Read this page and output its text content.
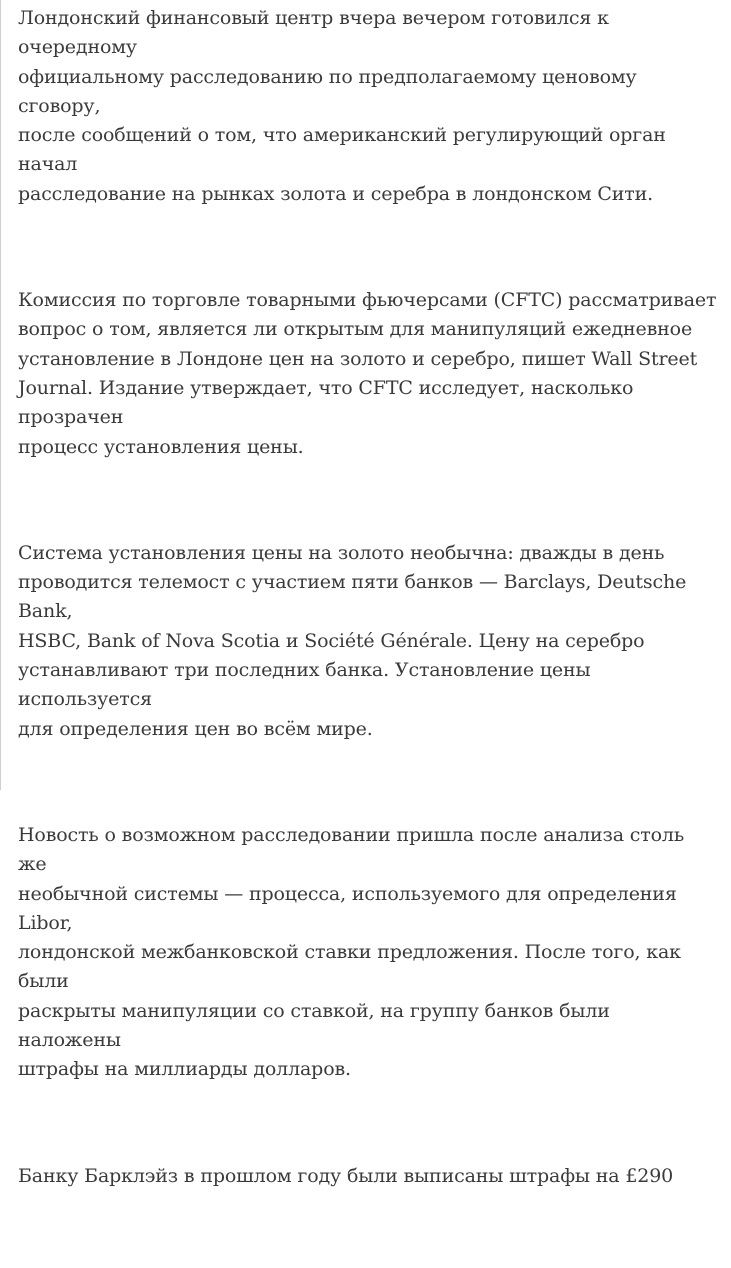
Лондонский финансовый центр вчера вечером готовился к очередному
официальному расследованию по предполагаемому ценовому сговору,
после сообщений о том, что американский регулирующий орган начал
расследование на рынках золота и серебра в лондонском Сити.
Комиссия по торговле товарными фьючерсами (CFTC) рассматривает
вопрос о том, является ли открытым для манипуляций ежедневное
установление в Лондоне цен на золото и серебро, пишет Wall Street
Journal. Издание утверждает, что CFTC исследует, насколько прозрачен
процесс установления цены.
Система установления цены на золото необычна: дважды в день
проводится телемост с участием пяти банков — Barclays, Deutsche Bank,
HSBC, Bank of Nova Scotia и Société Générale. Цену на серебро
устанавливают три последних банка. Установление цены используется
для определения цен во всём мире.
Новость о возможном расследовании пришла после анализа столь же
необычной системы — процесса, используемого для определения Libor,
лондонской межбанковской ставки предложения. После того, как были
раскрыты манипуляции со ставкой, на группу банков были наложены
штрафы на миллиарды долларов.
Банку Барклэйз в прошлом году были выписаны штрафы на £290
